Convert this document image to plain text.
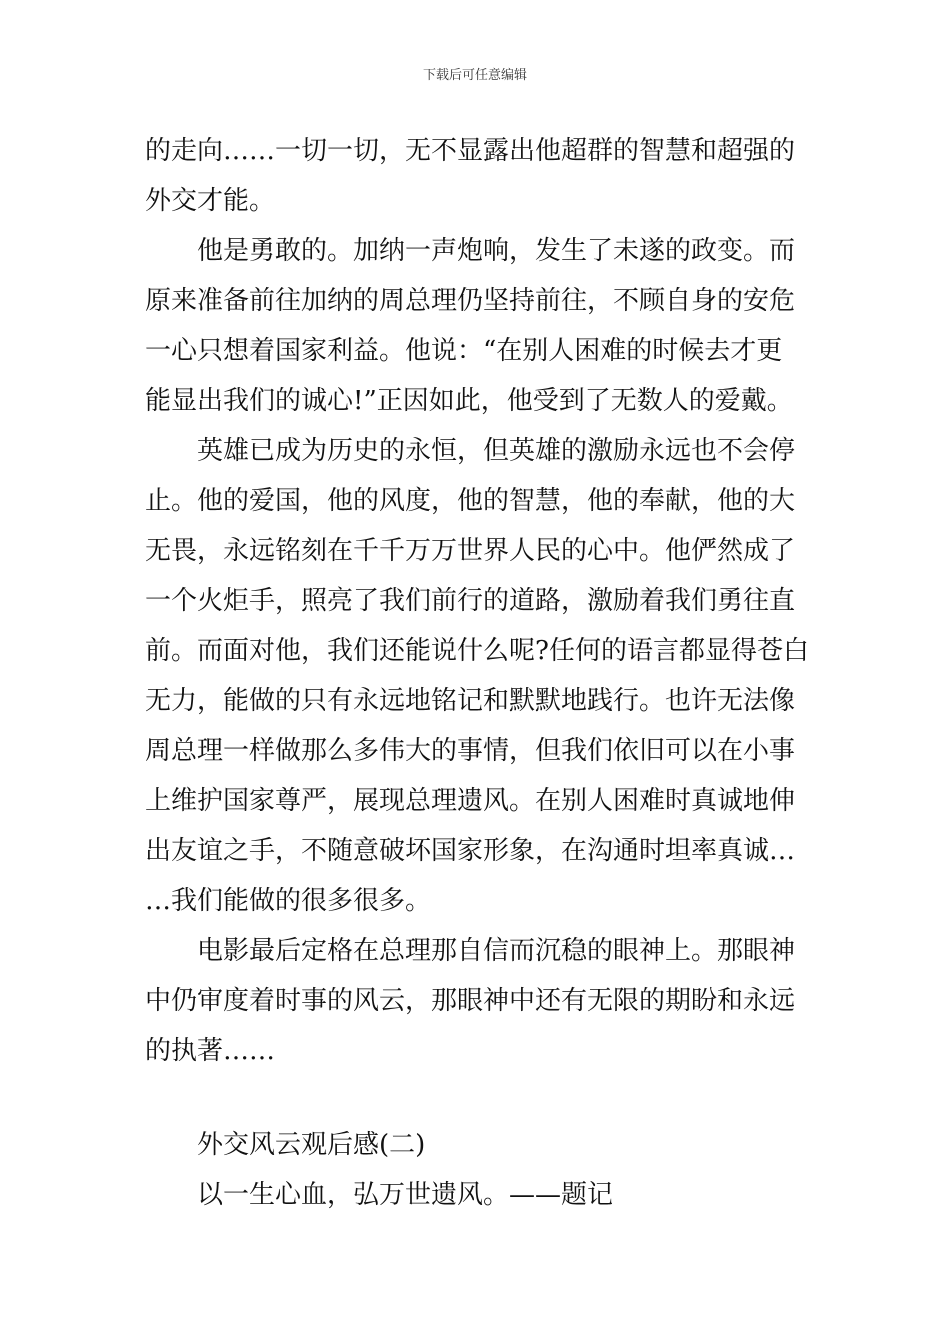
下载后可任意编辑
的走向……一切一切，无不显露出他超群的智慧和超强的
外交才能。
他是勇敢的。加纳一声炮响，发生了未遂的政变。而
原来准备前往加纳的周总理仍坚持前往，不顾自身的安危
一心只想着国家利益。他说：“在别人困难的时候去才更
能显出我们的诚心!”正因如此，他受到了无数人的爱戴。
英雄已成为历史的永恒，但英雄的激励永远也不会停
止。他的爱国，他的风度，他的智慧，他的奉献，他的大
无畏，永远铭刻在千千万万世界人民的心中。他俨然成了
一个火炬手，照亮了我们前行的道路，激励着我们勇往直
前。而面对他，我们还能说什么呢?任何的语言都显得苍白
无力，能做的只有永远地铭记和默默地践行。也许无法像
周总理一样做那么多伟大的事情，但我们依旧可以在小事
上维护国家尊严，展现总理遗风。在别人困难时真诚地伸
出友谊之手，不随意破坏国家形象，在沟通时坦率真诚…
…我们能做的很多很多。
电影最后定格在总理那自信而沉稳的眼神上。那眼神
中仍审度着时事的风云，那眼神中还有无限的期盼和永远
的执著……
外交风云观后感(二)
以一生心血，弘万世遗风。——题记
